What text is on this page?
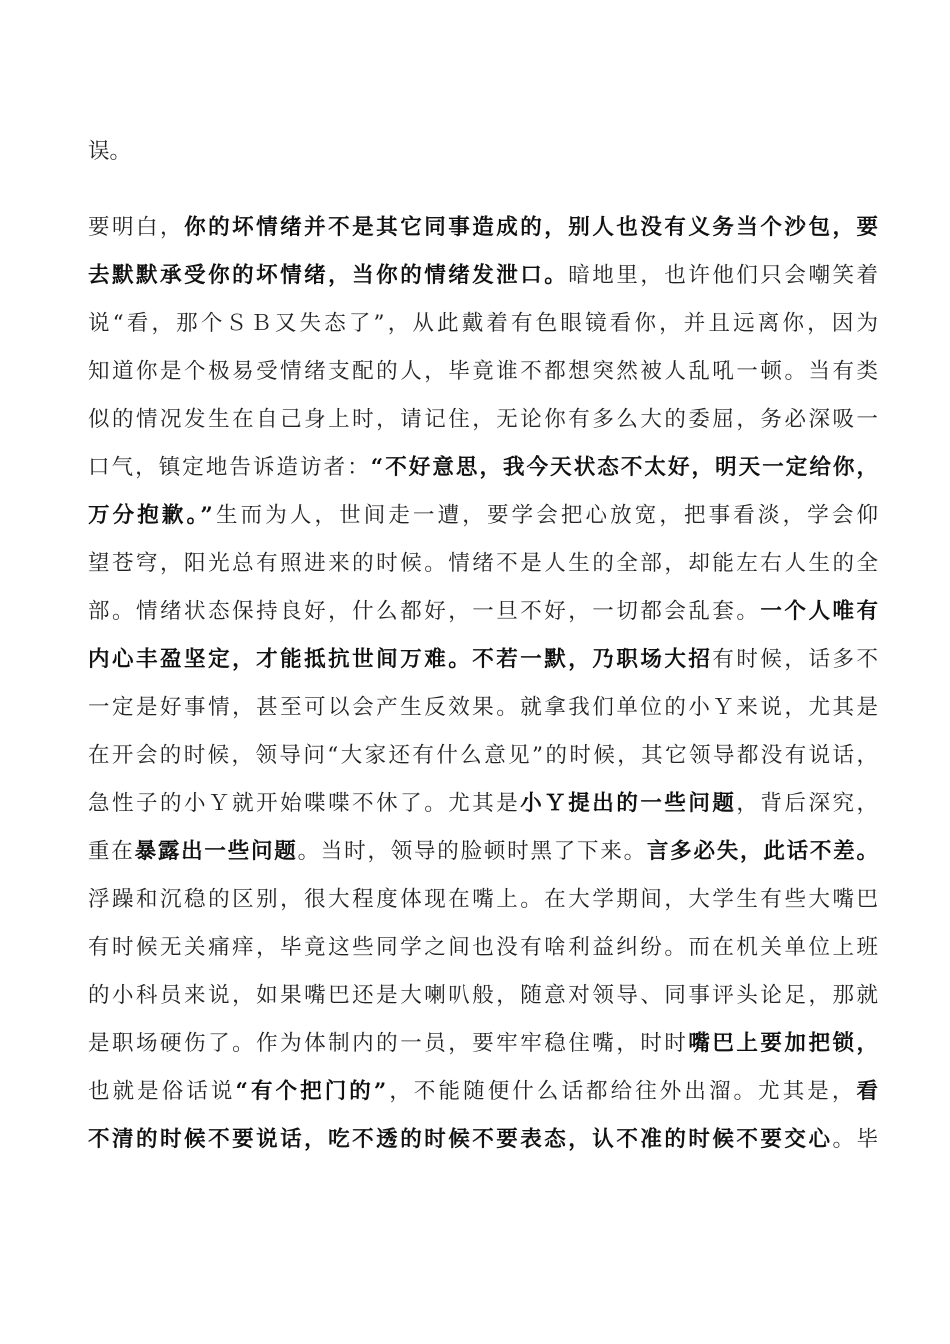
误。
要明白，你的坏情绪并不是其它同事造成的，别人也没有义务当个沙包，要
去默默承受你的坏情绪，当你的情绪发泄口。暗地里，也许他们只会嘲笑着
说“看，那个ＳＢ又失态了”，从此戴着有色眼镜看你，并且远离你，因为
知道你是个极易受情绪支配的人，毕竟谁不都想突然被人乱吼一顿。当有类
似的情况发生在自己身上时，请记住，无论你有多么大的委屈，务必深吸一
口气，镇定地告诉造访者：“不好意思，我今天状态不太好，明天一定给你，
万分抱歉。”生而为人，世间走一遭，要学会把心放宽，把事看淡，学会仰
望苍穹，阳光总有照进来的时候。情绪不是人生的全部，却能左右人生的全
部。情绪状态保持良好，什么都好，一旦不好，一切都会乱套。一个人唯有
内心丰盈坚定，才能抵抗世间万难。不若一默，乃职场大招有时候，话多不
一定是好事情，甚至可以会产生反效果。就拿我们单位的小Ｙ来说，尤其是
在开会的时候，领导问“大家还有什么意见”的时候，其它领导都没有说话，
急性子的小Ｙ就开始喋喋不休了。尤其是小Ｙ提出的一些问题，背后深究，
重在暴露出一些问题。当时，领导的脸顿时黑了下来。言多必失，此话不差。
浮躁和沉稳的区别，很大程度体现在嘴上。在大学期间，大学生有些大嘴巴
有时候无关痛痒，毕竟这些同学之间也没有啥利益纠纷。而在机关单位上班
的小科员来说，如果嘴巴还是大喇叭般，随意对领导、同事评头论足，那就
是职场硬伤了。作为体制内的一员，要牢牢稳住嘴，时时嘴巴上要加把锁，
也就是俗话说“有个把门的”，不能随便什么话都给往外出溜。尤其是，看
不清的时候不要说话，吃不透的时候不要表态，认不准的时候不要交心。毕
